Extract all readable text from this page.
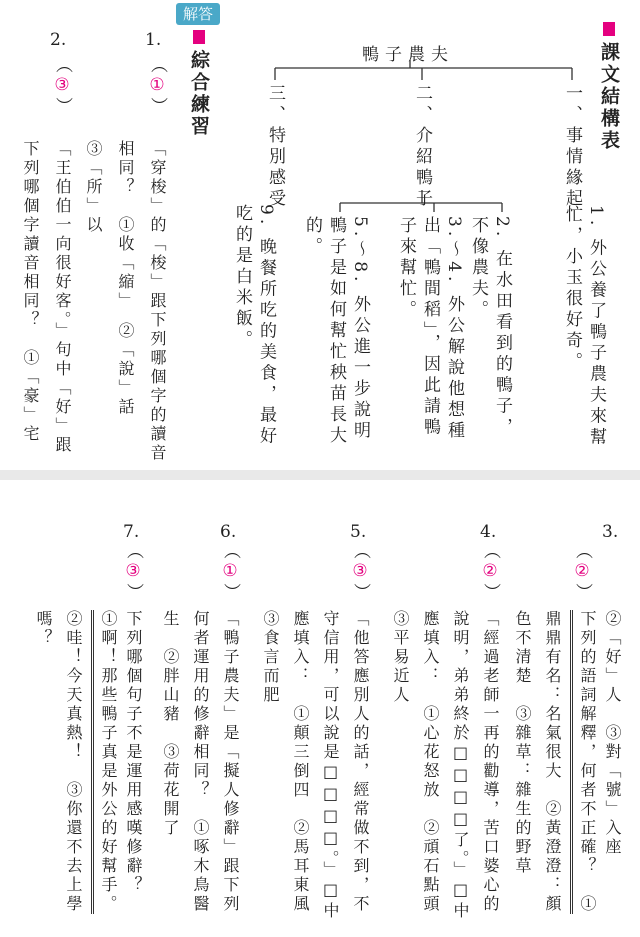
課文結構表
鴨子農夫
一、事情緣起
1. 外公養了鴨子農夫來幫忙，小玉很好奇。
二、介紹鴨子
2. 在水田看到的鴨子，不像農夫。
3.～4. 外公解說他想種出「鴨間稻」，因此請鴨子來幫忙。
5.～8. 外公進一步說明鴨子是如何幫忙秧苗長大的。
三、特別感受
9. 晚餐所吃的美食，最好吃的是白米飯。
解答
綜合練習
1.
（①）
「穿梭」的「梭」跟下列哪個字的讀音
相同？　①收「縮」　②「說」話
③「所」以
2.
（③）
「王伯伯一向很好客。」句中「好」跟
下列哪個字讀音相同？　①「豪」宅
②「好」人　③對「號」入座
3.
（②）
下列的語詞解釋，何者不正確？　①
鼎鼎有名：名氣很大　②黃澄澄：顏
色不清楚　③雜草：雜生的野草
4.
（②）
「經過老師一再的勸導，苦口婆心的
說明，弟弟終於□□□□了。」□中
應填入：　①心花怒放　②頑石點頭
③平易近人
5.
（③）
「他答應別人的話，經常做不到，不
守信用，可以說是□□□□。」□中
應填入：　①顛三倒四　②馬耳東風
③食言而肥
6.
（①）
「鴨子農夫」是「擬人修辭」跟下列
何者運用的修辭相同？　①啄木鳥醫
生　②胖山豬　③荷花開了
7.
（③）
下列哪個句子不是運用感嘆修辭？
①啊！那些鴨子真是外公的好幫手。
②哇！今天真熱！　③你還不去上學
嗎？
